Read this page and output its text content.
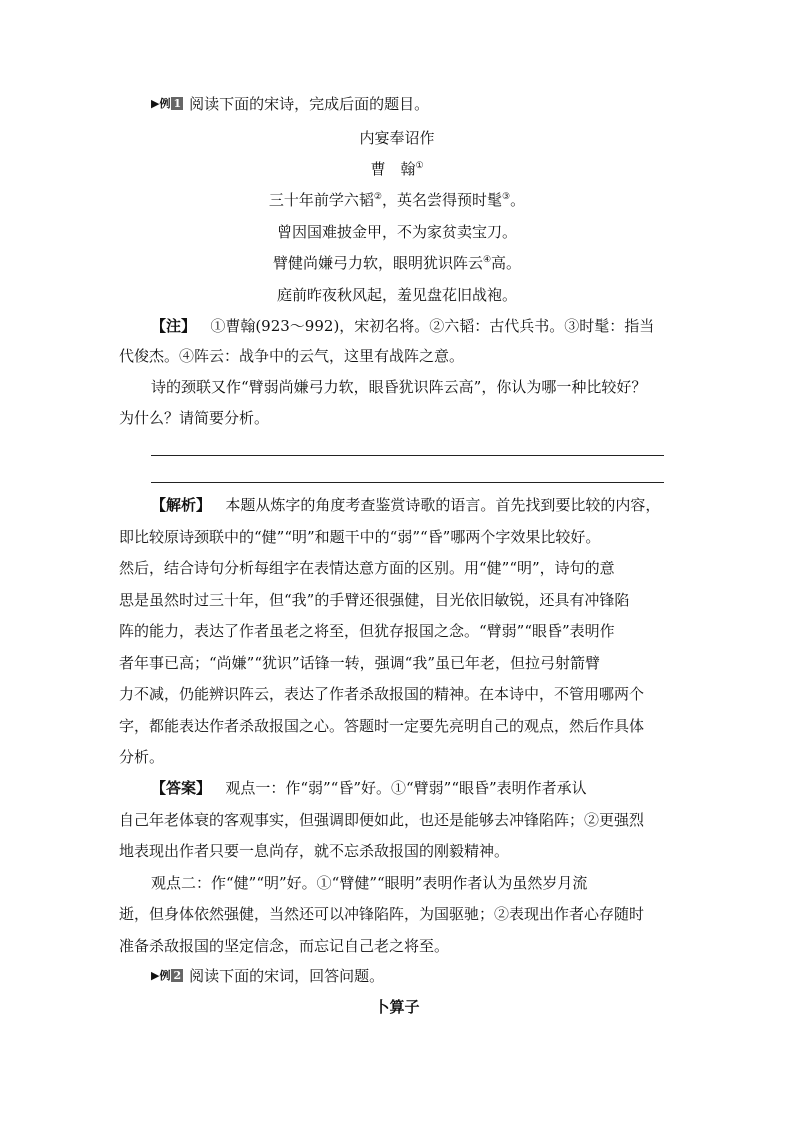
▶例 1 阅读下面的宋诗，完成后面的题目。
内宴奉诏作
曹　翰①
三十年前学六韬②，英名尝得预时髦③。
曾因国难披金甲，不为家贫卖宝刀。
臂健尚嫌弓力软，眼明犹识阵云④高。
庭前昨夜秋风起，羞见盘花旧战袍。
【注】 ①曹翰(923～992)，宋初名将。②六韬：古代兵书。③时髦：指当
代俊杰。④阵云：战争中的云气，这里有战阵之意。
诗的颈联又作“臂弱尚嫌弓力软，眼昏犹识阵云高”，你认为哪一种比较好？
为什么？请简要分析。
【解析】 本题从炼字的角度考查鉴赏诗歌的语言。首先找到要比较的内容，
即比较原诗颈联中的“健”“明”和题干中的“弱”“昏”哪两个字效果比较好。
然后，结合诗句分析每组字在表情达意方面的区别。用“健”“明”，诗句的意
思是虽然时过三十年，但“我”的手臂还很强健，目光依旧敏锐，还具有冲锋陷
阵的能力，表达了作者虽老之将至，但犹存报国之念。“臂弱”“眼昏”表明作
者年事已高；“尚嫌”“犹识”话锋一转，强调“我”虽已年老，但拉弓射箭臂
力不减，仍能辨识阵云，表达了作者杀敌报国的精神。在本诗中，不管用哪两个
字，都能表达作者杀敌报国之心。答题时一定要先亮明自己的观点，然后作具体
分析。
【答案】 观点一：作“弱”“昏”好。①“臂弱”“眼昏”表明作者承认
自己年老体衰的客观事实，但强调即便如此，也还是能够去冲锋陷阵；②更强烈
地表现出作者只要一息尚存，就不忘杀敌报国的刚毅精神。
观点二：作“健”“明”好。①“臂健”“眼明”表明作者认为虽然岁月流
逝，但身体依然强健，当然还可以冲锋陷阵，为国驱驰；②表现出作者心存随时
准备杀敌报国的坚定信念，而忘记自己老之将至。
▶例 2 阅读下面的宋词，回答问题。
卜算子
